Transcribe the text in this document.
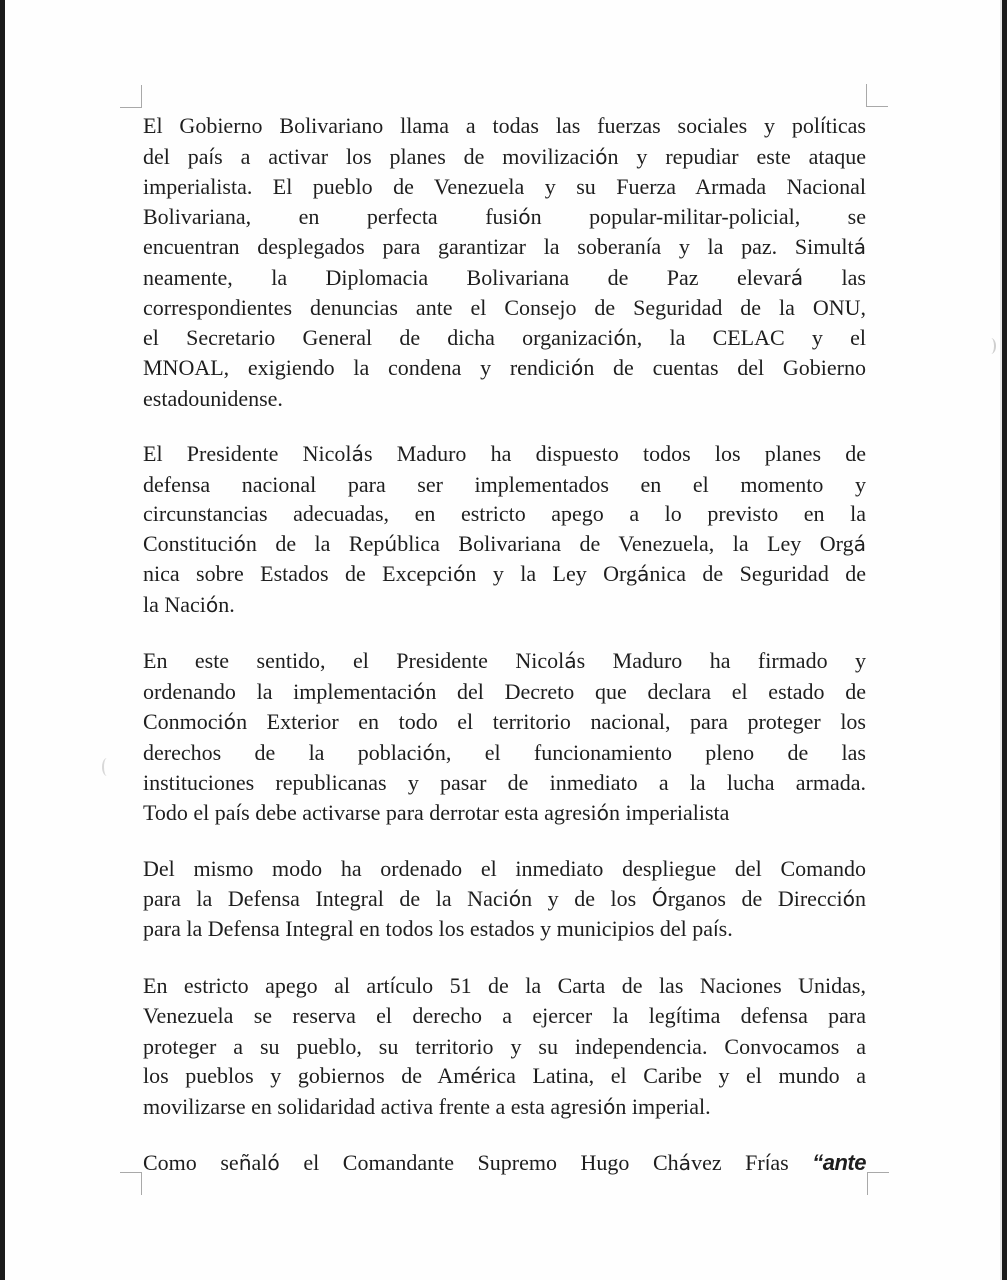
El Gobierno Bolivariano llama a todas las fuerzas sociales y políticas
del país a activar los planes de movilización y repudiar este ataque
imperialista. El pueblo de Venezuela y su Fuerza Armada Nacional
Bolivariana, en perfecta fusión popular-militar-policial, se
encuentran desplegados para garantizar la soberanía y la paz. Simultá
neamente, la Diplomacia Bolivariana de Paz elevará las
correspondientes denuncias ante el Consejo de Seguridad de la ONU,
el Secretario General de dicha organización, la CELAC y el
MNOAL, exigiendo la condena y rendición de cuentas del Gobierno
estadounidense.
El Presidente Nicolás Maduro ha dispuesto todos los planes de
defensa nacional para ser implementados en el momento y
circunstancias adecuadas, en estricto apego a lo previsto en la
Constitución de la República Bolivariana de Venezuela, la Ley Orgá
nica sobre Estados de Excepción y la Ley Orgánica de Seguridad de
la Nación.
En este sentido, el Presidente Nicolás Maduro ha firmado y
ordenando la implementación del Decreto que declara el estado de
Conmoción Exterior en todo el territorio nacional, para proteger los
derechos de la población, el funcionamiento pleno de las
instituciones republicanas y pasar de inmediato a la lucha armada.
Todo el país debe activarse para derrotar esta agresión imperialista
Del mismo modo ha ordenado el inmediato despliegue del Comando
para la Defensa Integral de la Nación y de los Órganos de Dirección
para la Defensa Integral en todos los estados y municipios del país.
En estricto apego al artículo 51 de la Carta de las Naciones Unidas,
Venezuela se reserva el derecho a ejercer la legítima defensa para
proteger a su pueblo, su territorio y su independencia. Convocamos a
los pueblos y gobiernos de América Latina, el Caribe y el mundo a
movilizarse en solidaridad activa frente a esta agresión imperial.
Como señaló el Comandante Supremo Hugo Chávez Frías “ante
